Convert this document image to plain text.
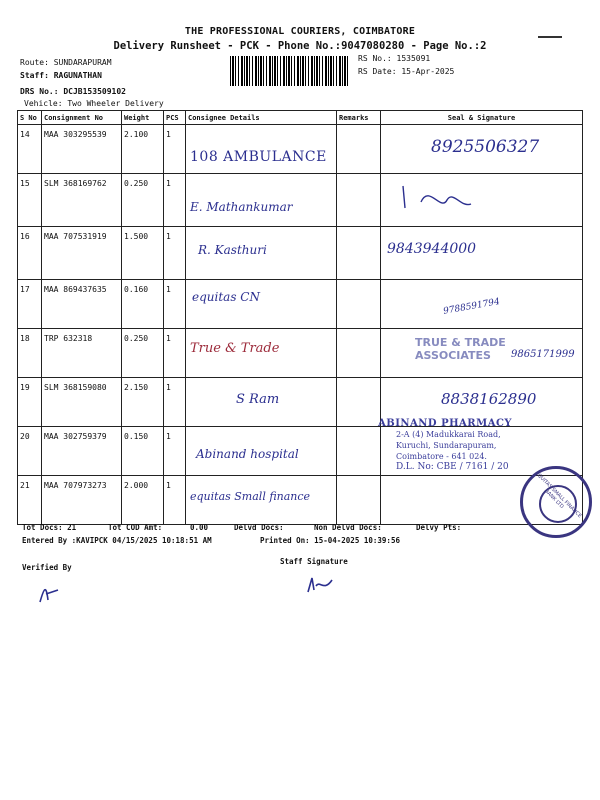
THE PROFESSIONAL COURIERS, COIMBATORE
Delivery Runsheet - PCK - Phone No.:9047080280 - Page No.:2
Route: SUNDARAPURAM
Staff: RAGUNATHAN
DRS No.: DCJB153509102
Vehicle: Two Wheeler Delivery
RS No.: 1535091
RS Date: 15-Apr-2025
S No	Consignment No	Weight	PCS	Consignee Details	Remarks	Seal & Signature

14	MAA 303295539	2.100	1	108 AMBULANCE		8925506327

15	SLM 368169762	0.250	1	E. Mathankumar

16	MAA 707531919	1.500	1	R. Kasthuri		9843944000

17	MAA 869437635	0.160	1	equitas CN		9788591794

18	TRP 632318	0.250	1	True & Trade		9865171999

19	SLM 368159080	2.150	1	S Ram		8838162890

20	MAA 302759379	0.150	1	Abinand hospital		

21	MAA 707973273	2.000	1	equitas Small finance		

TRUE & TRADE
ASSOCIATES
ABINAND PHARMACY
2-A (4) Madukkarai Road,
Kuruchi, Sundarapuram,
Coimbatore - 641 024.
D.L. No: CBE / 7161 / 20
EQUITAS SMALL FINANCE BANK LTD
Tot Docs: 21	Tot COD Amt:	0.00	Delvd Docs:	Non Delvd Docs:	Delvy Pts:
Entered By :KAVIPCK 04/15/2025 10:18:51 AM	Printed On: 15-04-2025 10:39:56
Verified By
Staff Signature
